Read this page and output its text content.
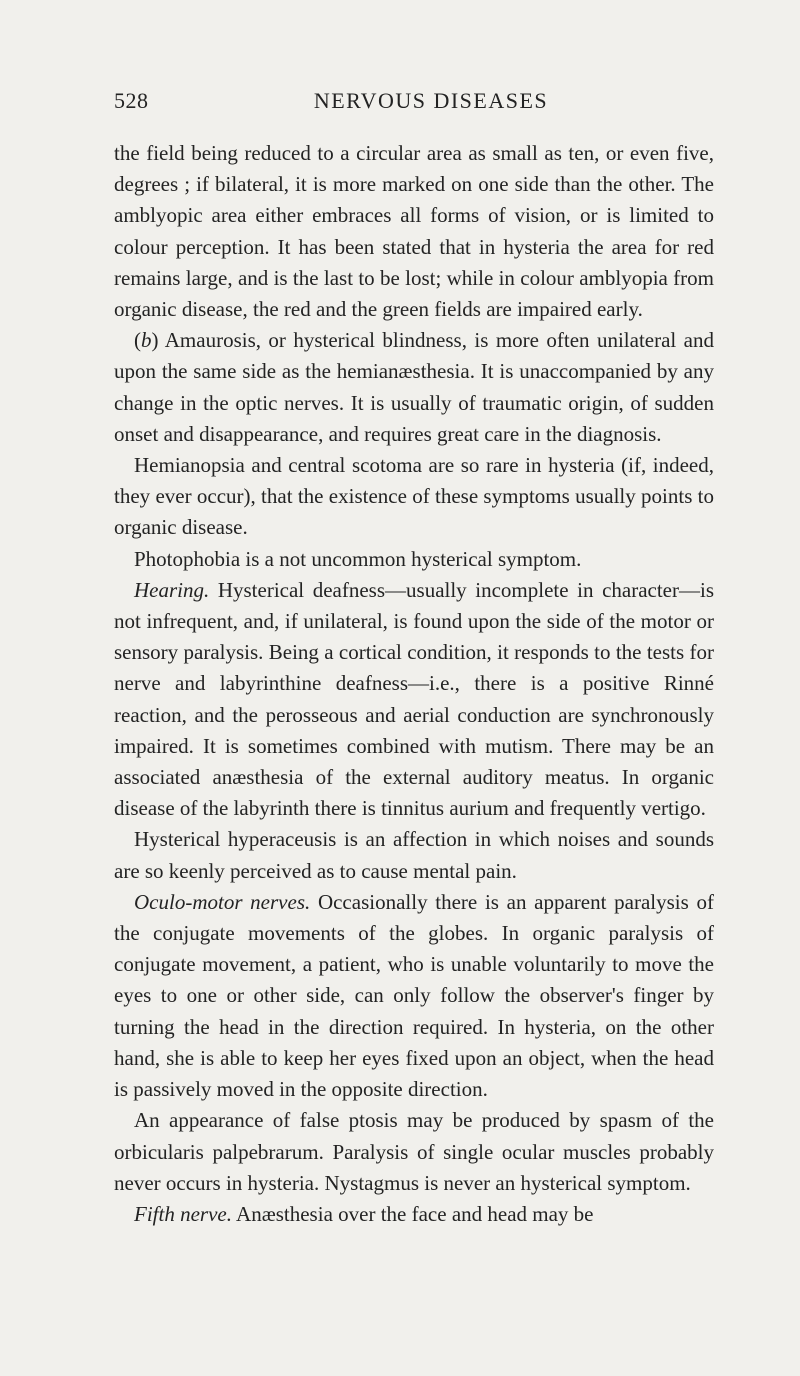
528	NERVOUS DISEASES

the field being reduced to a circular area as small as ten, or even five, degrees ; if bilateral, it is more marked on one side than the other. The amblyopic area either embraces all forms of vision, or is limited to colour perception. It has been stated that in hysteria the area for red remains large, and is the last to be lost; while in colour amblyopia from organic disease, the red and the green fields are impaired early.

(b) Amaurosis, or hysterical blindness, is more often unilateral and upon the same side as the hemianæsthesia. It is unaccompanied by any change in the optic nerves. It is usually of traumatic origin, of sudden onset and disappearance, and requires great care in the diagnosis.

Hemianopsia and central scotoma are so rare in hysteria (if, indeed, they ever occur), that the existence of these symptoms usually points to organic disease.

Photophobia is a not uncommon hysterical symptom.

Hearing. Hysterical deafness—usually incomplete in character—is not infrequent, and, if unilateral, is found upon the side of the motor or sensory paralysis. Being a cortical condition, it responds to the tests for nerve and labyrinthine deafness—i.e., there is a positive Rinné reaction, and the perosseous and aerial conduction are synchronously impaired. It is sometimes combined with mutism. There may be an associated anæsthesia of the external auditory meatus. In organic disease of the labyrinth there is tinnitus aurium and frequently vertigo.

Hysterical hyperaceusis is an affection in which noises and sounds are so keenly perceived as to cause mental pain.

Oculo-motor nerves. Occasionally there is an apparent paralysis of the conjugate movements of the globes. In organic paralysis of conjugate movement, a patient, who is unable voluntarily to move the eyes to one or other side, can only follow the observer's finger by turning the head in the direction required. In hysteria, on the other hand, she is able to keep her eyes fixed upon an object, when the head is passively moved in the opposite direction.

An appearance of false ptosis may be produced by spasm of the orbicularis palpebrarum. Paralysis of single ocular muscles probably never occurs in hysteria. Nystagmus is never an hysterical symptom.

Fifth nerve. Anæsthesia over the face and head may be
